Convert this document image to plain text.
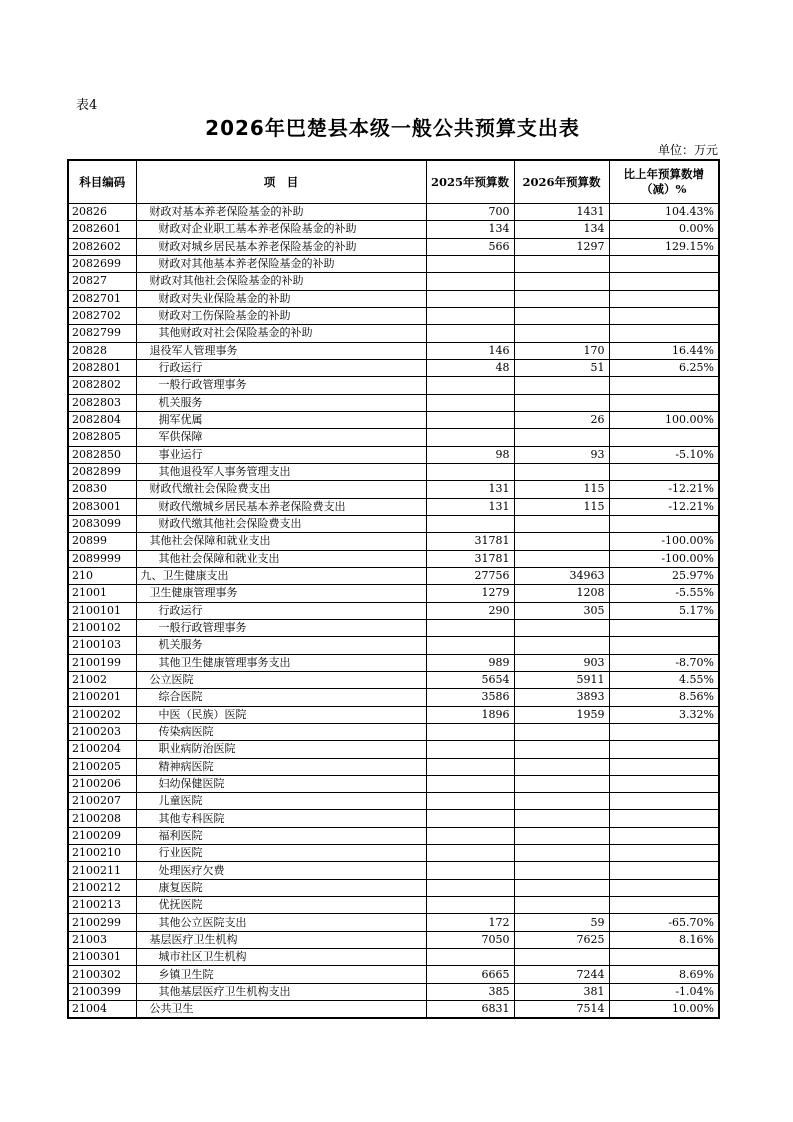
表4
2026年巴楚县本级一般公共预算支出表
单位：万元
科目编码	项　目	2025年预算数	2026年预算数	比上年预算数增
（减）%

20826	财政对基本养老保险基金的补助	700	1431	104.43%
2082601	财政对企业职工基本养老保险基金的补助	134	134	0.00%
2082602	财政对城乡居民基本养老保险基金的补助	566	1297	129.15%
2082699	财政对其他基本养老保险基金的补助			
20827	财政对其他社会保险基金的补助			
2082701	财政对失业保险基金的补助			
2082702	财政对工伤保险基金的补助			
2082799	其他财政对社会保险基金的补助			
20828	退役军人管理事务	146	170	16.44%
2082801	行政运行	48	51	6.25%
2082802	一般行政管理事务			
2082803	机关服务			
2082804	拥军优属		26	100.00%
2082805	军供保障			
2082850	事业运行	98	93	-5.10%
2082899	其他退役军人事务管理支出			
20830	财政代缴社会保险费支出	131	115	-12.21%
2083001	财政代缴城乡居民基本养老保险费支出	131	115	-12.21%
2083099	财政代缴其他社会保险费支出			
20899	其他社会保障和就业支出	31781		-100.00%
2089999	其他社会保障和就业支出	31781		-100.00%
210	九、卫生健康支出	27756	34963	25.97%
21001	卫生健康管理事务	1279	1208	-5.55%
2100101	行政运行	290	305	5.17%
2100102	一般行政管理事务			
2100103	机关服务			
2100199	其他卫生健康管理事务支出	989	903	-8.70%
21002	公立医院	5654	5911	4.55%
2100201	综合医院	3586	3893	8.56%
2100202	中医（民族）医院	1896	1959	3.32%
2100203	传染病医院			
2100204	职业病防治医院			
2100205	精神病医院			
2100206	妇幼保健医院			
2100207	儿童医院			
2100208	其他专科医院			
2100209	福利医院			
2100210	行业医院			
2100211	处理医疗欠费			
2100212	康复医院			
2100213	优抚医院			
2100299	其他公立医院支出	172	59	-65.70%
21003	基层医疗卫生机构	7050	7625	8.16%
2100301	城市社区卫生机构			
2100302	乡镇卫生院	6665	7244	8.69%
2100399	其他基层医疗卫生机构支出	385	381	-1.04%
21004	公共卫生	6831	7514	10.00%
